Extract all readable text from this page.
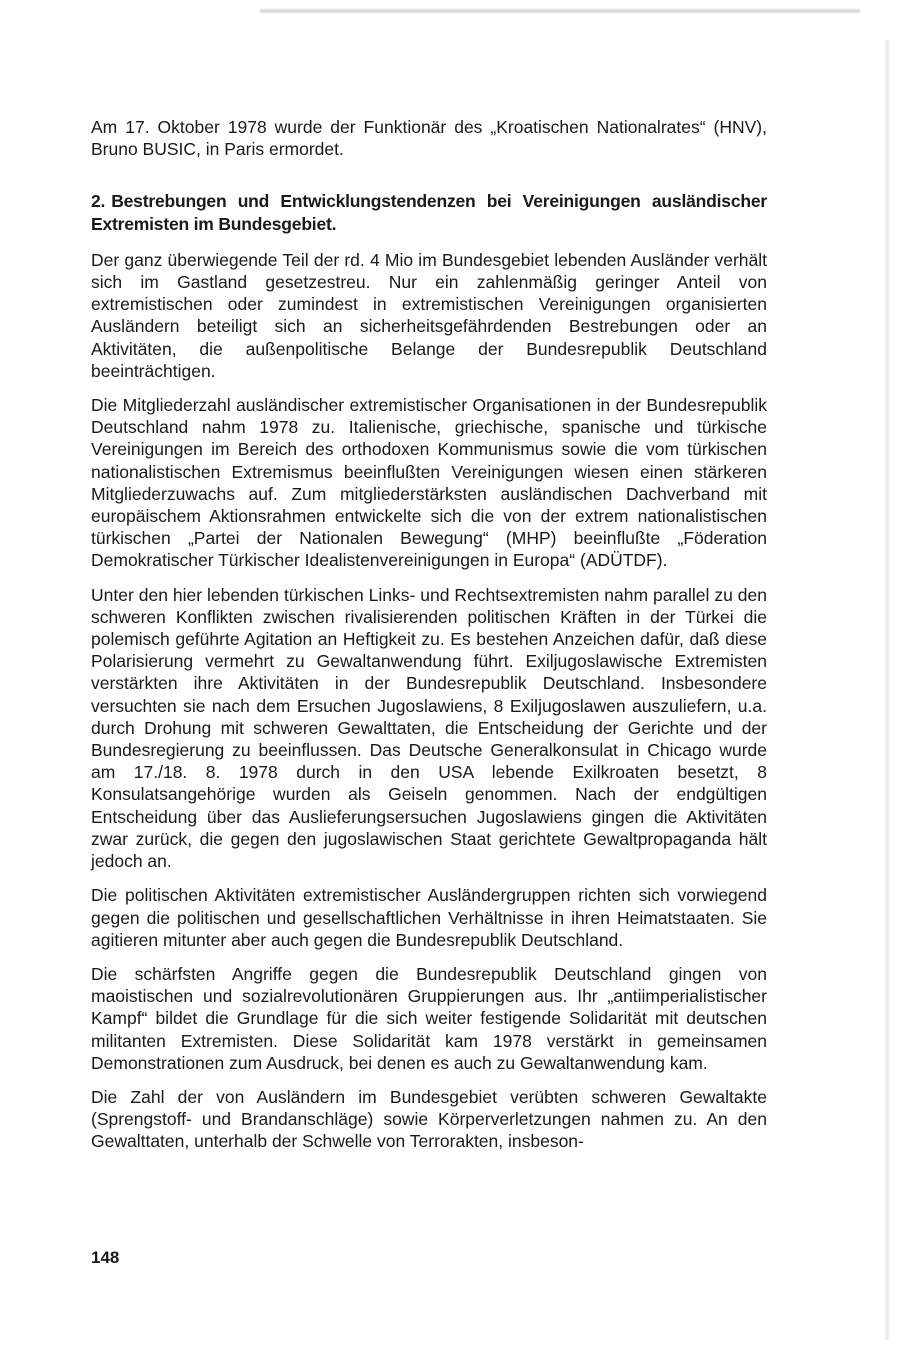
Am 17. Oktober 1978 wurde der Funktionär des „Kroatischen Nationalrates“ (HNV), Bruno BUSIC, in Paris ermordet.

2. Bestrebungen und Entwicklungstendenzen bei Vereinigungen ausländischer Extremisten im Bundesgebiet.

Der ganz überwiegende Teil der rd. 4 Mio im Bundesgebiet lebenden Ausländer verhält sich im Gastland gesetzestreu. Nur ein zahlenmäßig geringer Anteil von extremistischen oder zumindest in extremistischen Vereinigungen organisierten Ausländern beteiligt sich an sicherheitsgefährdenden Bestrebungen oder an Aktivitäten, die außenpolitische Belange der Bundesrepublik Deutschland beeinträchtigen.

Die Mitgliederzahl ausländischer extremistischer Organisationen in der Bundesrepublik Deutschland nahm 1978 zu. Italienische, griechische, spanische und türkische Vereinigungen im Bereich des orthodoxen Kommunismus sowie die vom türkischen nationalistischen Extremismus beeinflußten Vereinigungen wiesen einen stärkeren Mitgliederzuwachs auf. Zum mitgliederstärksten ausländischen Dachverband mit europäischem Aktionsrahmen entwickelte sich die von der extrem nationalistischen türkischen „Partei der Nationalen Bewegung“ (MHP) beeinflußte „Föderation Demokratischer Türkischer Idealistenvereinigungen in Europa“ (ADÜTDF).

Unter den hier lebenden türkischen Links- und Rechtsextremisten nahm parallel zu den schweren Konflikten zwischen rivalisierenden politischen Kräften in der Türkei die polemisch geführte Agitation an Heftigkeit zu. Es bestehen Anzeichen dafür, daß diese Polarisierung vermehrt zu Gewaltanwendung führt. Exiljugoslawische Extremisten verstärkten ihre Aktivitäten in der Bundesrepublik Deutschland. Insbesondere versuchten sie nach dem Ersuchen Jugoslawiens, 8 Exiljugoslawen auszuliefern, u.a. durch Drohung mit schweren Gewalttaten, die Entscheidung der Gerichte und der Bundesregierung zu beeinflussen. Das Deutsche Generalkonsulat in Chicago wurde am 17./18. 8. 1978 durch in den USA lebende Exilkroaten besetzt, 8 Konsulatsangehörige wurden als Geiseln genommen. Nach der endgültigen Entscheidung über das Auslieferungsersuchen Jugoslawiens gingen die Aktivitäten zwar zurück, die gegen den jugoslawischen Staat gerichtete Gewaltpropaganda hält jedoch an.

Die politischen Aktivitäten extremistischer Ausländergruppen richten sich vorwiegend gegen die politischen und gesellschaftlichen Verhältnisse in ihren Heimatstaaten. Sie agitieren mitunter aber auch gegen die Bundesrepublik Deutschland.

Die schärfsten Angriffe gegen die Bundesrepublik Deutschland gingen von maoistischen und sozialrevolutionären Gruppierungen aus. Ihr „antiimperialistischer Kampf“ bildet die Grundlage für die sich weiter festigende Solidarität mit deutschen militanten Extremisten. Diese Solidarität kam 1978 verstärkt in gemeinsamen Demonstrationen zum Ausdruck, bei denen es auch zu Gewaltanwendung kam.

Die Zahl der von Ausländern im Bundesgebiet verübten schweren Gewaltakte (Sprengstoff- und Brandanschläge) sowie Körperverletzungen nahmen zu. An den Gewalttaten, unterhalb der Schwelle von Terrorakten, insbeson-

148
